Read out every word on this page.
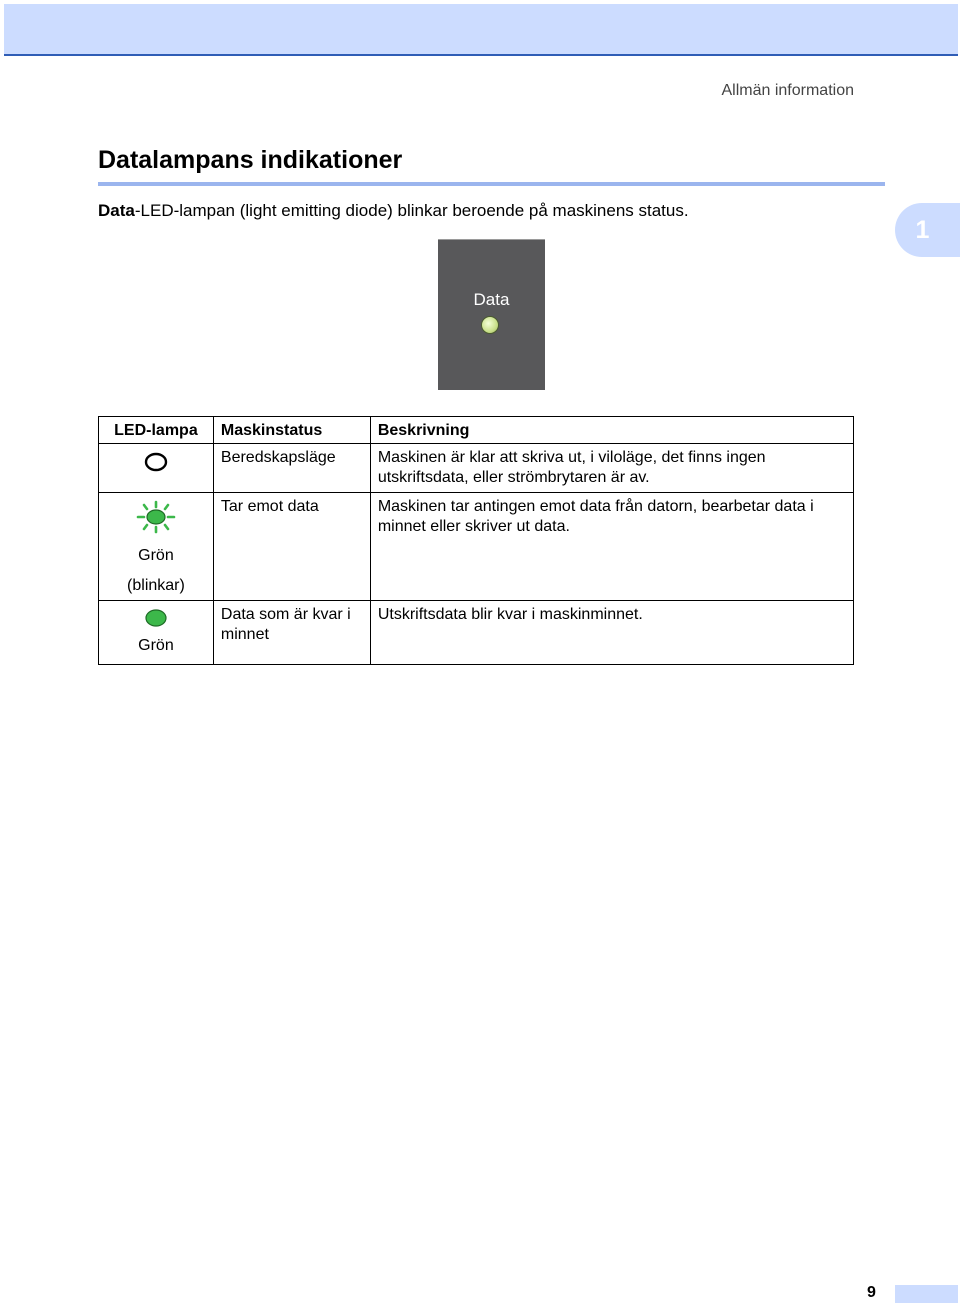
Allmän information
1
Datalampans indikationer

Data-LED-lampan (light emitting diode) blinkar beroende på maskinens status.

Data
LED-lampa	Maskinstatus	Beskrivning

	Beredskapsläge	Maskinen är klar att skriva ut, i viloläge, det finns ingen utskriftsdata, eller strömbrytaren är av.

Grön
(blinkar)	Tar emot data	Maskinen tar antingen emot data från datorn, bearbetar data i minnet eller skriver ut data.

Grön	Data som är kvar i minnet	Utskriftsdata blir kvar i maskinminnet.
9
